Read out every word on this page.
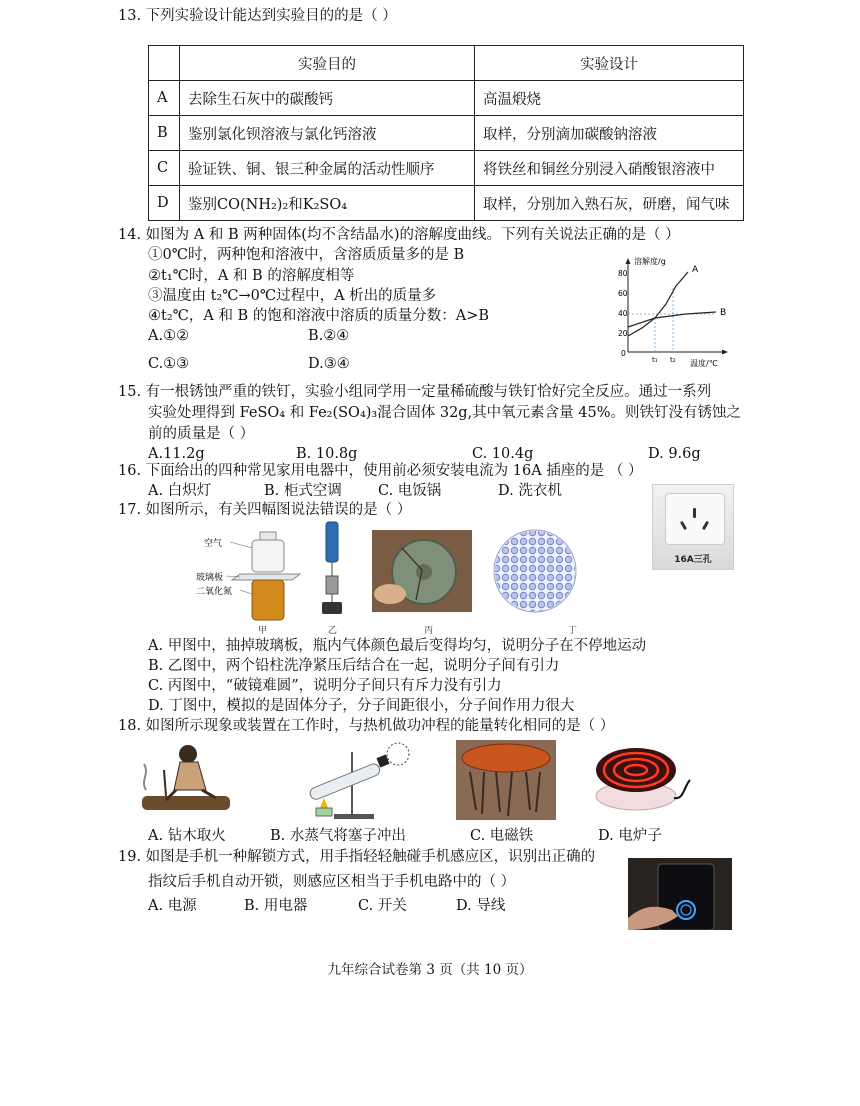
13. 下列实验设计能达到实验目的的是（ ）
	实验目的	实验设计
A	去除生石灰中的碳酸钙	高温煅烧
B	鉴别氯化钡溶液与氯化钙溶液	取样，分别滴加碳酸钠溶液
C	验证铁、铜、银三种金属的活动性顺序	将铁丝和铜丝分别浸入硝酸银溶液中
D	鉴别CO(NH₂)₂和K₂SO₄	取样，分别加入熟石灰，研磨，闻气味
14. 如图为 A 和 B 两种固体(均不含结晶水)的溶解度曲线。下列有关说法正确的是（ ）
①0℃时，两种饱和溶液中，含溶质质量多的是 B
②t₁℃时，A 和 B 的溶解度相等
③温度由 t₂℃→0℃过程中，A 析出的质量多
④t₂℃，A 和 B 的饱和溶液中溶质的质量分数：A>B
A.①②	B.②④
C.①③	D.③④
溶解度/g
温度/℃
80
60
40
20
0
A
B
t₁ t₂
15. 有一根锈蚀严重的铁钉，实验小组同学用一定量稀硫酸与铁钉恰好完全反应。通过一系列
实验处理得到 FeSO₄ 和 Fe₂(SO₄)₃混合固体 32g,其中氧元素含量 45%。则铁钉没有锈蚀之
前的质量是（ ）
A.11.2g	B. 10.8g	C. 10.4g	D. 9.6g
16. 下面给出的四种常见家用电器中，使用前必须安装电流为 16A 插座的是 （ ）
A. 白炽灯	B. 柜式空调 C. 电饭锅	D. 洗衣机
16A三孔
17. 如图所示，有关四幅图说法错误的是（ ）
空气
玻璃板
二氧化氮
甲	乙	丙	丁
A. 甲图中，抽掉玻璃板，瓶内气体颜色最后变得均匀，说明分子在不停地运动
B. 乙图中，两个铅柱洗净紧压后结合在一起，说明分子间有引力
C. 丙图中，“破镜难圆”，说明分子间只有斥力没有引力
D. 丁图中，模拟的是固体分子，分子间距很小，分子间作用力很大
18. 如图所示现象或装置在工作时，与热机做功冲程的能量转化相同的是（ ）
A. 钻木取火	B. 水蒸气将塞子冲出	C. 电磁铁	D. 电炉子
19. 如图是手机一种解锁方式，用手指轻轻触碰手机感应区，识别出正确的
指纹后手机自动开锁，则感应区相当于手机电路中的（ ）
A. 电源	B. 用电器	C. 开关	D. 导线
九年综合试卷第 3 页（共 10 页）
